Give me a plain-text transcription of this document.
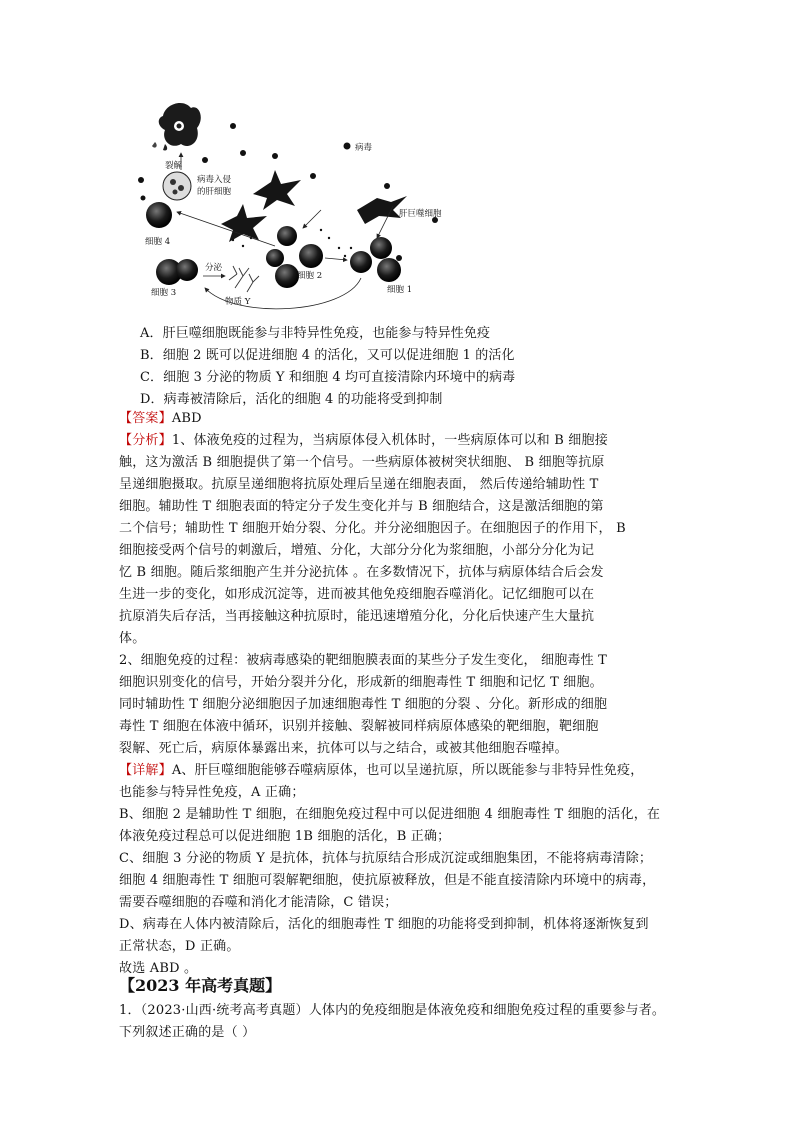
裂解
病毒入侵
的肝细胞
病毒
肝巨噬细胞
细胞 4
细胞 2
细胞 1
细胞 3
分泌
物质 Y
A．肝巨噬细胞既能参与非特异性免疫，也能参与特异性免疫
B．细胞 2 既可以促进细胞 4 的活化，又可以促进细胞 1 的活化
C．细胞 3 分泌的物质 Y 和细胞 4 均可直接清除内环境中的病毒
D．病毒被清除后，活化的细胞 4 的功能将受到抑制
【答案】ABD
【分析】1、体液免疫的过程为，当病原体侵入机体时，一些病原体可以和 B 细胞接
触，这为激活 B 细胞提供了第一个信号。一些病原体被树突状细胞、 B 细胞等抗原
呈递细胞摄取。抗原呈递细胞将抗原处理后呈递在细胞表面， 然后传递给辅助性 T
细胞。辅助性 T 细胞表面的特定分子发生变化并与 B 细胞结合，这是激活细胞的第
二个信号；辅助性 T 细胞开始分裂、分化。并分泌细胞因子。在细胞因子的作用下， B
细胞接受两个信号的刺激后，增殖、分化，大部分分化为浆细胞，小部分分化为记
忆 B 细胞。随后浆细胞产生并分泌抗体 。在多数情况下，抗体与病原体结合后会发
生进一步的变化，如形成沉淀等，进而被其他免疫细胞吞噬消化。记忆细胞可以在
抗原消失后存活，当再接触这种抗原时，能迅速增殖分化，分化后快速产生大量抗
体。
2、细胞免疫的过程：被病毒感染的靶细胞膜表面的某些分子发生变化， 细胞毒性 T
细胞识别变化的信号，开始分裂并分化，形成新的细胞毒性 T 细胞和记忆 T 细胞。
同时辅助性 T 细胞分泌细胞因子加速细胞毒性 T 细胞的分裂 、分化。新形成的细胞
毒性 T 细胞在体液中循环，识别并接触、裂解被同样病原体感染的靶细胞，靶细胞
裂解、死亡后，病原体暴露出来，抗体可以与之结合，或被其他细胞吞噬掉。
【详解】A、肝巨噬细胞能够吞噬病原体，也可以呈递抗原，所以既能参与非特异性免疫，
也能参与特异性免疫，A 正确；
B、细胞 2 是辅助性 T 细胞，在细胞免疫过程中可以促进细胞 4 细胞毒性 T 细胞的活化，在
体液免疫过程总可以促进细胞 1B 细胞的活化，B 正确；
C、细胞 3 分泌的物质 Y 是抗体，抗体与抗原结合形成沉淀或细胞集团，不能将病毒清除；
细胞 4 细胞毒性 T 细胞可裂解靶细胞，使抗原被释放，但是不能直接清除内环境中的病毒，
需要吞噬细胞的吞噬和消化才能清除，C 错误；
D、病毒在人体内被清除后，活化的细胞毒性 T 细胞的功能将受到抑制，机体将逐渐恢复到
正常状态，D 正确。
故选 ABD 。
【2023 年高考真题】
1．（2023·山西·统考高考真题）人体内的免疫细胞是体液免疫和细胞免疫过程的重要参与者。
下列叙述正确的是（ ）
